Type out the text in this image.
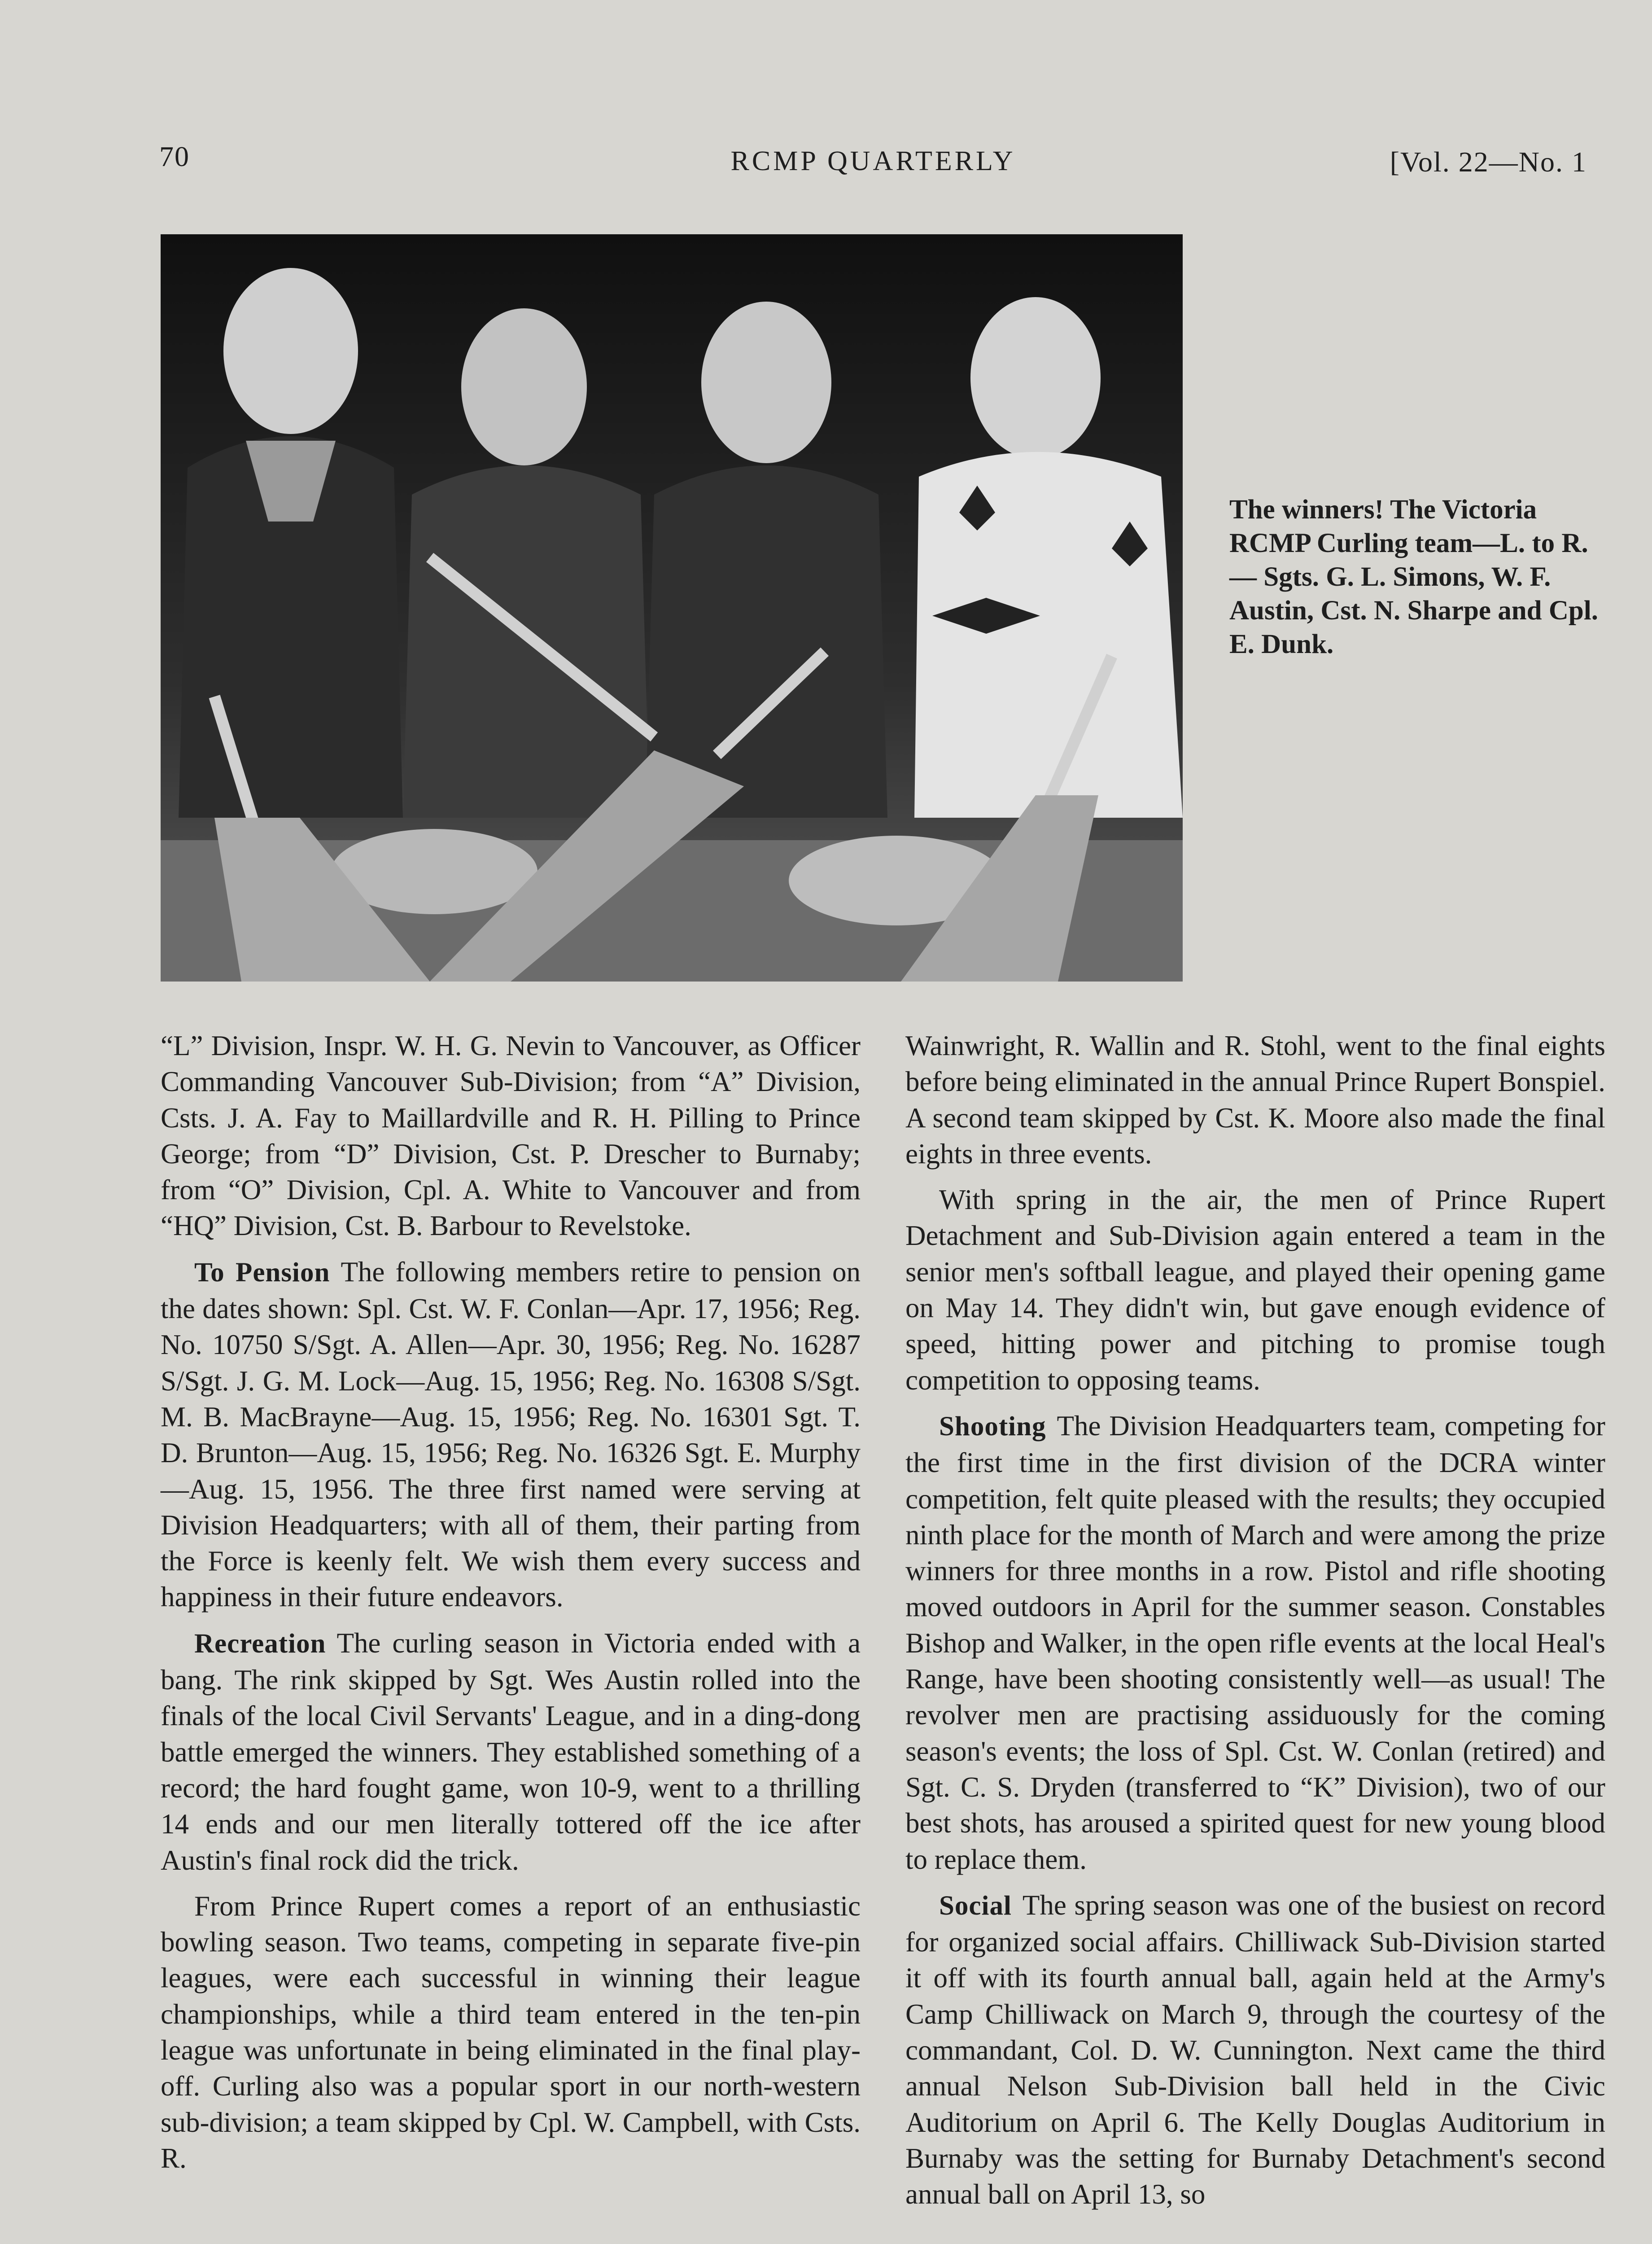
70	RCMP QUARTERLY	[Vol. 22—No. 1
The winners! The Victoria RCMP Curling team—L. to R.— Sgts. G. L. Simons, W. F. Austin, Cst. N. Sharpe and Cpl. E. Dunk.

“L” Division, Inspr. W. H. G. Nevin to Vancouver, as Officer Commanding Vancouver Sub-Division; from “A” Division, Csts. J. A. Fay to Maillardville and R. H. Pilling to Prince George; from “D” Division, Cst. P. Drescher to Burnaby; from “O” Division, Cpl. A. White to Vancouver and from “HQ” Division, Cst. B. Barbour to Revelstoke.

To Pension The following members retire to pension on the dates shown: Spl. Cst. W. F. Conlan—Apr. 17, 1956; Reg. No. 10750 S/Sgt. A. Allen—Apr. 30, 1956; Reg. No. 16287 S/Sgt. J. G. M. Lock—Aug. 15, 1956; Reg. No. 16308 S/Sgt. M. B. MacBrayne—Aug. 15, 1956; Reg. No. 16301 Sgt. T. D. Brunton—Aug. 15, 1956; Reg. No. 16326 Sgt. E. Murphy—Aug. 15, 1956. The three first named were serving at Division Headquarters; with all of them, their parting from the Force is keenly felt. We wish them every success and happiness in their future endeavors.

Recreation The curling season in Victoria ended with a bang. The rink skipped by Sgt. Wes Austin rolled into the finals of the local Civil Servants' League, and in a ding-dong battle emerged the winners. They established something of a record; the hard fought game, won 10-9, went to a thrilling 14 ends and our men literally tottered off the ice after Austin's final rock did the trick.

From Prince Rupert comes a report of an enthusiastic bowling season. Two teams, competing in separate five-pin leagues, were each successful in winning their league championships, while a third team entered in the ten-pin league was unfortunate in being eliminated in the final play-off. Curling also was a popular sport in our north-western sub-division; a team skipped by Cpl. W. Campbell, with Csts. R.

Wainwright, R. Wallin and R. Stohl, went to the final eights before being eliminated in the annual Prince Rupert Bonspiel. A second team skipped by Cst. K. Moore also made the final eights in three events.

With spring in the air, the men of Prince Rupert Detachment and Sub-Division again entered a team in the senior men's softball league, and played their opening game on May 14. They didn't win, but gave enough evidence of speed, hitting power and pitching to promise tough competition to opposing teams.

Shooting The Division Headquarters team, competing for the first time in the first division of the DCRA winter competition, felt quite pleased with the results; they occupied ninth place for the month of March and were among the prize winners for three months in a row. Pistol and rifle shooting moved outdoors in April for the summer season. Constables Bishop and Walker, in the open rifle events at the local Heal's Range, have been shooting consistently well—as usual! The revolver men are practising assiduously for the coming season's events; the loss of Spl. Cst. W. Conlan (retired) and Sgt. C. S. Dryden (transferred to “K” Division), two of our best shots, has aroused a spirited quest for new young blood to replace them.

Social The spring season was one of the busiest on record for organized social affairs. Chilliwack Sub-Division started it off with its fourth annual ball, again held at the Army's Camp Chilliwack on March 9, through the courtesy of the commandant, Col. D. W. Cunnington. Next came the third annual Nelson Sub-Division ball held in the Civic Auditorium on April 6. The Kelly Douglas Auditorium in Burnaby was the setting for Burnaby Detachment's second annual ball on April 13, so
